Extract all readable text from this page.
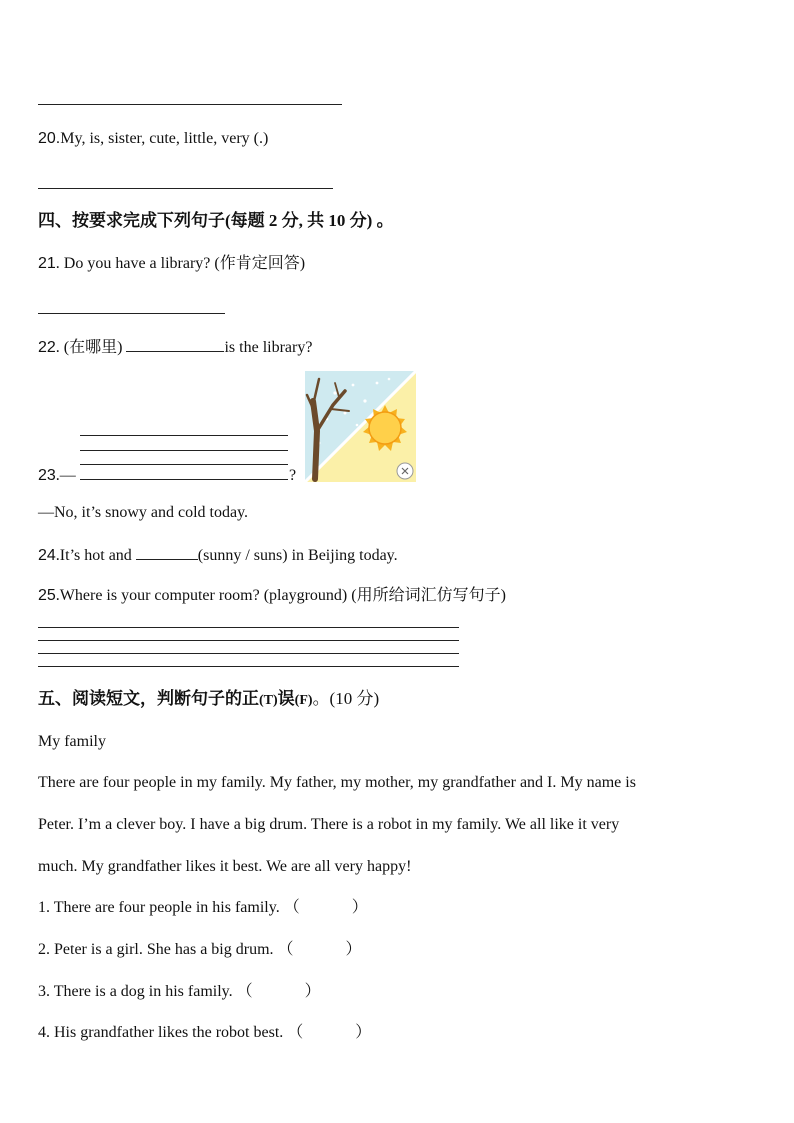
20.My, is, sister, cute, little, very (.)
四、按要求完成下列句子(每题 2 分, 共 10 分) 。
21. Do you have a library? (作肯定回答)
22. (在哪里)	is the library?
23.—	?
—No, it’s snowy and cold today.
24.It’s hot and	(sunny / suns) in Beijing today.
25.Where is your computer room? (playground) (用所给词汇仿写句子)
五、阅读短文，判断句子的正(T)误(F)。(10 分)
My family
There are four people in my family. My father, my mother, my grandfather and I. My name is
Peter. I’m a clever boy. I have a big drum. There is a robot in my family. We all like it very
much. My grandfather likes it best. We are all very happy!
1. There are four people in his family. （	）
2. Peter is a girl. She has a big drum. （	）
3. There is a dog in his family. （	）
4. His grandfather likes the robot best. （	）
